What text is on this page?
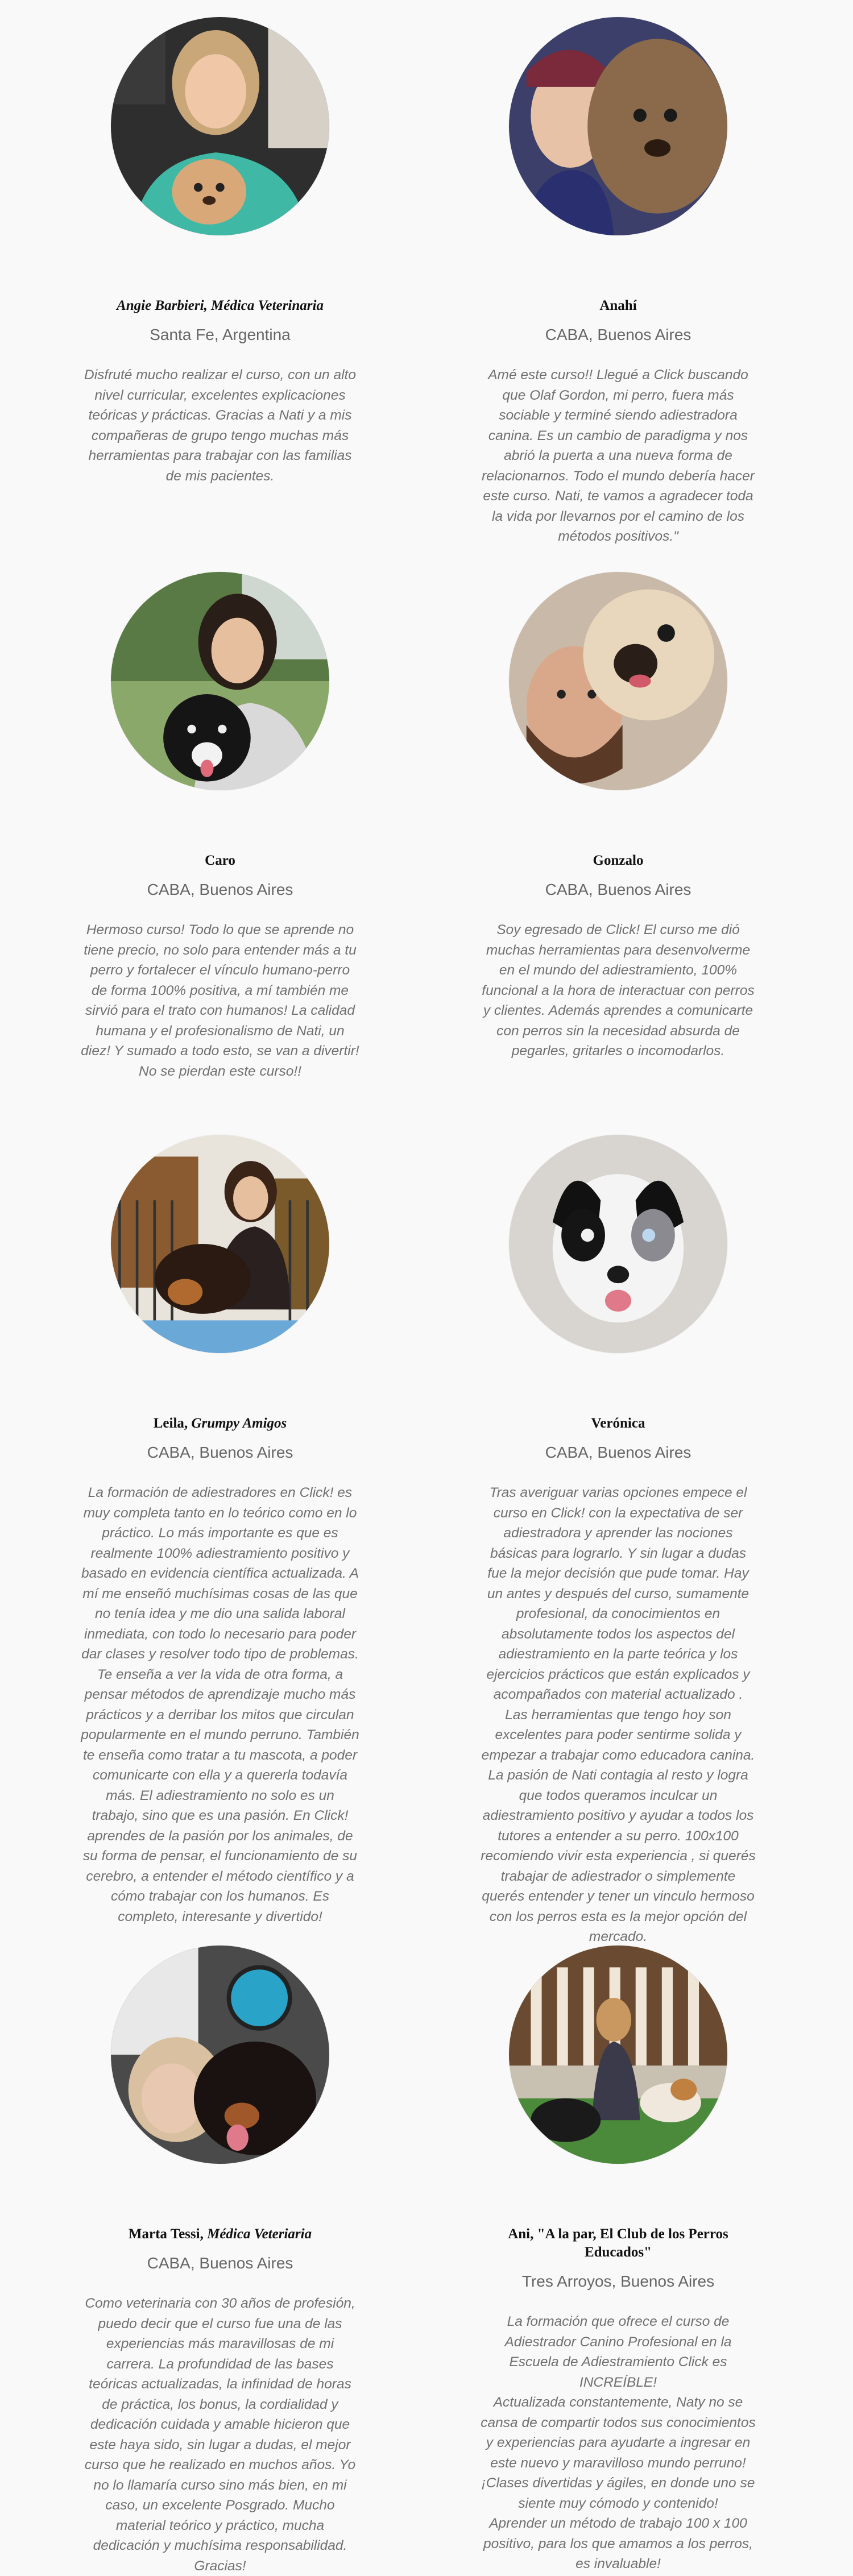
Angie Barbieri, Médica Veterinaria
Santa Fe, Argentina

Disfruté mucho realizar el curso, con un alto nivel curricular, excelentes explicaciones teóricas y prácticas. Gracias a Nati y a mis compañeras de grupo tengo muchas más herramientas para trabajar con las familias de mis pacientes.

Anahí
CABA, Buenos Aires

Amé este curso!! Llegué a Click buscando que Olaf Gordon, mi perro, fuera más sociable y terminé siendo adiestradora canina. Es un cambio de paradigma y nos abrió la puerta a una nueva forma de relacionarnos. Todo el mundo debería hacer este curso. Nati, te vamos a agradecer toda la vida por llevarnos por el camino de los métodos positivos."

Caro
CABA, Buenos Aires

Hermoso curso! Todo lo que se aprende no tiene precio, no solo para entender más a tu perro y fortalecer el vínculo humano-perro de forma 100% positiva, a mí también me sirvió para el trato con humanos! La calidad humana y el profesionalismo de Nati, un diez! Y sumado a todo esto, se van a divertir! No se pierdan este curso!!

Gonzalo
CABA, Buenos Aires

Soy egresado de Click! El curso me dió muchas herramientas para desenvolverme en el mundo del adiestramiento, 100% funcional a la hora de interactuar con perros y clientes. Además aprendes a comunicarte con perros sin la necesidad absurda de pegarles, gritarles o incomodarlos.

Leila, Grumpy Amigos
CABA, Buenos Aires

La formación de adiestradores en Click! es muy completa tanto en lo teórico como en lo práctico. Lo más importante es que es realmente 100% adiestramiento positivo y basado en evidencia científica actualizada. A mí me enseñó muchísimas cosas de las que no tenía idea y me dio una salida laboral inmediata, con todo lo necesario para poder dar clases y resolver todo tipo de problemas. Te enseña a ver la vida de otra forma, a pensar métodos de aprendizaje mucho más prácticos y a derribar los mitos que circulan popularmente en el mundo perruno. También te enseña como tratar a tu mascota, a poder comunicarte con ella y a quererla todavía más. El adiestramiento no solo es un trabajo, sino que es una pasión. En Click! aprendes de la pasión por los animales, de su forma de pensar, el funcionamiento de su cerebro, a entender el método científico y a cómo trabajar con los humanos. Es completo, interesante y divertido!

Verónica
CABA, Buenos Aires

Tras averiguar varias opciones empece el curso en Click! con la expectativa de ser adiestradora y aprender las nociones básicas para lograrlo. Y sin lugar a dudas fue la mejor decisión que pude tomar. Hay un antes y después del curso, sumamente profesional, da conocimientos en absolutamente todos los aspectos del adiestramiento en la parte teórica y los ejercicios prácticos que están explicados y acompañados con material actualizado .

Las herramientas que tengo hoy son excelentes para poder sentirme solida y empezar a trabajar como educadora canina.

La pasión de Nati contagia al resto y logra que todos queramos inculcar un adiestramiento positivo y ayudar a todos los tutores a entender a su perro. 100x100 recomiendo vivir esta experiencia , si querés trabajar de adiestrador o simplemente querés entender y tener un vinculo hermoso con los perros esta es la mejor opción del mercado.

Marta Tessi, Médica Veteriaria
CABA, Buenos Aires

Como veterinaria con 30 años de profesión, puedo decir que el curso fue una de las experiencias más maravillosas de mi carrera. La profundidad de las bases teóricas actualizadas, la infinidad de horas de práctica, los bonus, la cordialidad y dedicación cuidada y amable hicieron que este haya sido, sin lugar a dudas, el mejor curso que he realizado en muchos años. Yo no lo llamaría curso sino más bien, en mi caso, un excelente Posgrado. Mucho material teórico y práctico, mucha dedicación y muchísima responsabilidad. Gracias!

Ani, "A la par, El Club de los Perros Educados"
Tres Arroyos, Buenos Aires

La formación que ofrece el curso de Adiestrador Canino Profesional en la Escuela de Adiestramiento Click es INCREÍBLE!

Actualizada constantemente, Naty no se cansa de compartir todos sus conocimientos y experiencias para ayudarte a ingresar en este nuevo y maravilloso mundo perruno!

¡Clases divertidas y ágiles, en donde uno se siente muy cómodo y contenido!

Aprender un método de trabajo 100 x 100 positivo, para los que amamos a los perros, es invaluable!
